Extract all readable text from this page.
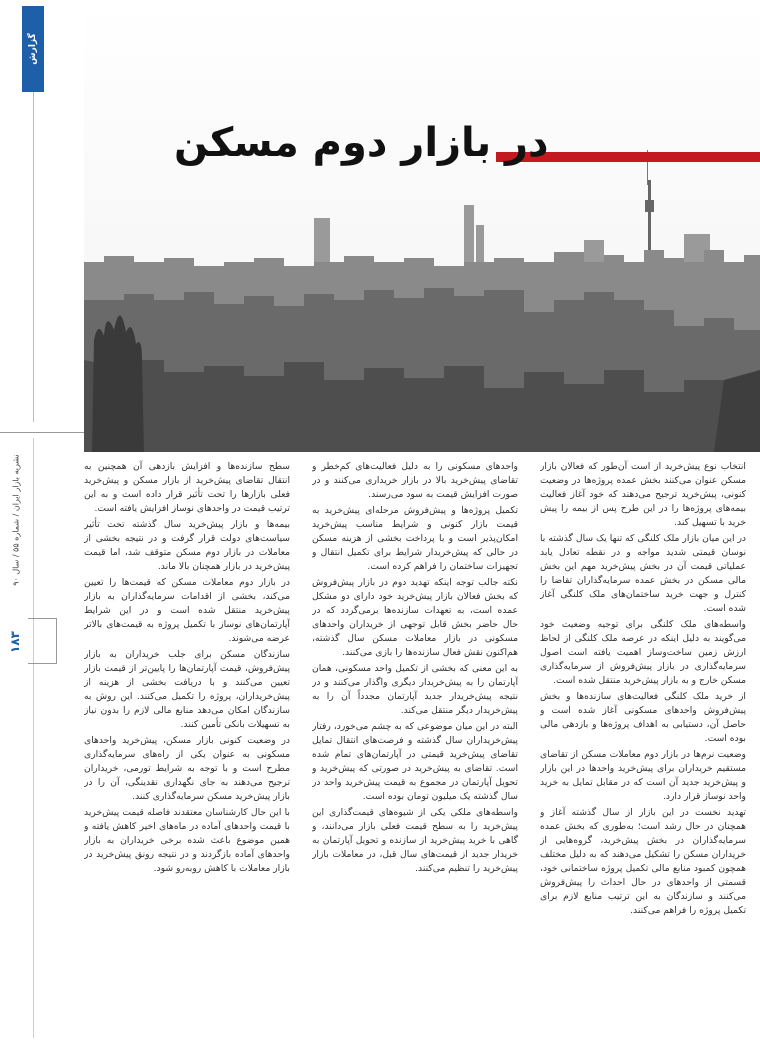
گزارش
نشریه بازار ایران / شماره ۵۵ / سال ۹۰
۱۸۳
در بازار دوم مسکن

انتخاب نوع پیش‌خرید از است آن‌طور که فعالان بازار مسکن عنوان می‌کنند بخش عمده پروژه‌ها در وضعیت کنونی، پیش‌خرید ترجیح می‌دهند که خود آغاز فعالیت بیمه‌های پروژه‌ها را در این طرح پس از بیمه را پیش خرید با تسهیل کند.

در این میان بازار ملک کلنگی که تنها یک سال گذشته با نوسان قیمتی شدید مواجه و در نقطه تعادل یابد عملیاتی قیمت آن در بخش پیش‌خرید مهم این بخش مالی مسکن در بخش عمده سرمایه‌گذاران تقاضا را کنترل و جهت خرید ساختمان‌های ملک کلنگی آغاز شده است.

واسطه‌های ملک کلنگی برای توجیه وضعیت خود می‌گویند به دلیل اینکه در عرصه ملک کلنگی از لحاظ ارزش زمین ساخت‌وساز اهمیت یافته است اصول سرمایه‌گذاری در بازار پیش‌فروش از سرمایه‌گذاری مسکن خارج و به بازار پیش‌خرید منتقل شده است.

از خرید ملک کلنگی فعالیت‌های سازنده‌ها و بخش پیش‌فروش واحدهای مسکونی آغاز شده است و حاصل آن، دستیابی به اهداف پروژه‌ها و بازدهی مالی بوده است.

وضعیت نرم‌ها در بازار دوم معاملات مسکن از تقاضای مستقیم خریداران برای پیش‌خرید واحدها در این بازار و پیش‌خرید جدید آن است که در مقابل تمایل به خرید واحد نوساز قرار دارد.

تهدید نخست در این بازار از سال گذشته آغاز و همچنان در حال رشد است؛ به‌طوری که بخش عمده سرمایه‌گذاران در بخش پیش‌خرید، گروه‌هایی از خریداران مسکن را تشکیل می‌دهند که به دلیل مختلف همچون کمبود منابع مالی تکمیل پروژه ساختمانی خود، قسمتی از واحدهای در حال احداث را پیش‌فروش می‌کنند و سازندگان به این ترتیب منابع لازم برای تکمیل پروژه را فراهم می‌کنند.

واحدهای مسکونی را به دلیل فعالیت‌های کم‌خطر و تقاضای پیش‌خرید بالا در بازار خریداری می‌کنند و در صورت افزایش قیمت به سود می‌رسند.

تکمیل پروژه‌ها و پیش‌فروش مرحله‌ای پیش‌خرید به قیمت بازار کنونی و شرایط مناسب پیش‌خرید امکان‌پذیر است و با پرداخت بخشی از هزینه مسکن در حالی که پیش‌خریدار شرایط برای تکمیل انتقال و تجهیزات ساختمان را فراهم کرده است.

نکته جالب توجه اینکه تهدید دوم در بازار پیش‌فروش که بخش فعالان بازار پیش‌خرید خود دارای دو مشکل عمده است، به تعهدات سازنده‌ها برمی‌گردد که در حال حاضر بخش قابل توجهی از خریداران واحدهای مسکونی در بازار معاملات مسکن سال گذشته، هم‌اکنون نقش فعال سازنده‌ها را بازی می‌کنند.

به این معنی که بخشی از تکمیل واحد مسکونی، همان آپارتمان را به پیش‌خریدار دیگری واگذار می‌کنند و در نتیجه پیش‌خریدار جدید آپارتمان مجدداً آن را به پیش‌خریدار دیگر منتقل می‌کند.

البته در این میان موضوعی که به چشم می‌خورد، رفتار پیش‌خریداران سال گذشته و فرصت‌های انتقال تمایل تقاضای پیش‌خرید قیمتی در آپارتمان‌های تمام شده است. تقاضای به پیش‌خرید در صورتی که پیش‌خرید و تحویل آپارتمان در مجموع به قیمت پیش‌خرید واحد در سال گذشته یک میلیون تومان بوده است.

واسطه‌های ملکی یکی از شیوه‌های قیمت‌گذاری این پیش‌خرید را به سطح قیمت فعلی بازار می‌دانند، و گاهی با خرید پیش‌خرید از سازنده و تحویل آپارتمان به خریدار جدید از قیمت‌های سال قبل، در معاملات بازار پیش‌خرید را تنظیم می‌کنند.

سطح سازنده‌ها و افزایش بازدهی آن همچنین به انتقال تقاضای پیش‌خرید از بازار مسکن و پیش‌خرید فعلی بازارها را تحت تأثیر قرار داده است و به این ترتیب قیمت در واحدهای نوساز افزایش یافته است.

بیمه‌ها و بازار پیش‌خرید سال گذشته تحت تأثیر سیاست‌های دولت قرار گرفت و در نتیجه بخشی از معاملات در بازار دوم مسکن متوقف شد، اما قیمت پیش‌خرید در بازار همچنان بالا ماند.

در بازار دوم معاملات مسکن که قیمت‌ها را تعیین می‌کند، بخشی از اقدامات سرمایه‌گذاران به بازار پیش‌خرید منتقل شده است و در این شرایط آپارتمان‌های نوساز با تکمیل پروژه به قیمت‌های بالاتر عرضه می‌شوند.

سازندگان مسکن برای جلب خریداران به بازار پیش‌فروش، قیمت آپارتمان‌ها را پایین‌تر از قیمت بازار تعیین می‌کنند و با دریافت بخشی از هزینه از پیش‌خریداران، پروژه را تکمیل می‌کنند. این روش به سازندگان امکان می‌دهد منابع مالی لازم را بدون نیاز به تسهیلات بانکی تأمین کنند.

در وضعیت کنونی بازار مسکن، پیش‌خرید واحدهای مسکونی به عنوان یکی از راه‌های سرمایه‌گذاری مطرح است و با توجه به شرایط تورمی، خریداران ترجیح می‌دهند به جای نگهداری نقدینگی، آن را در بازار پیش‌خرید مسکن سرمایه‌گذاری کنند.

با این حال کارشناسان معتقدند فاصله قیمت پیش‌خرید با قیمت واحدهای آماده در ماه‌های اخیر کاهش یافته و همین موضوع باعث شده برخی خریداران به بازار واحدهای آماده بازگردند و در نتیجه رونق پیش‌خرید در بازار معاملات با کاهش روبه‌رو شود.
